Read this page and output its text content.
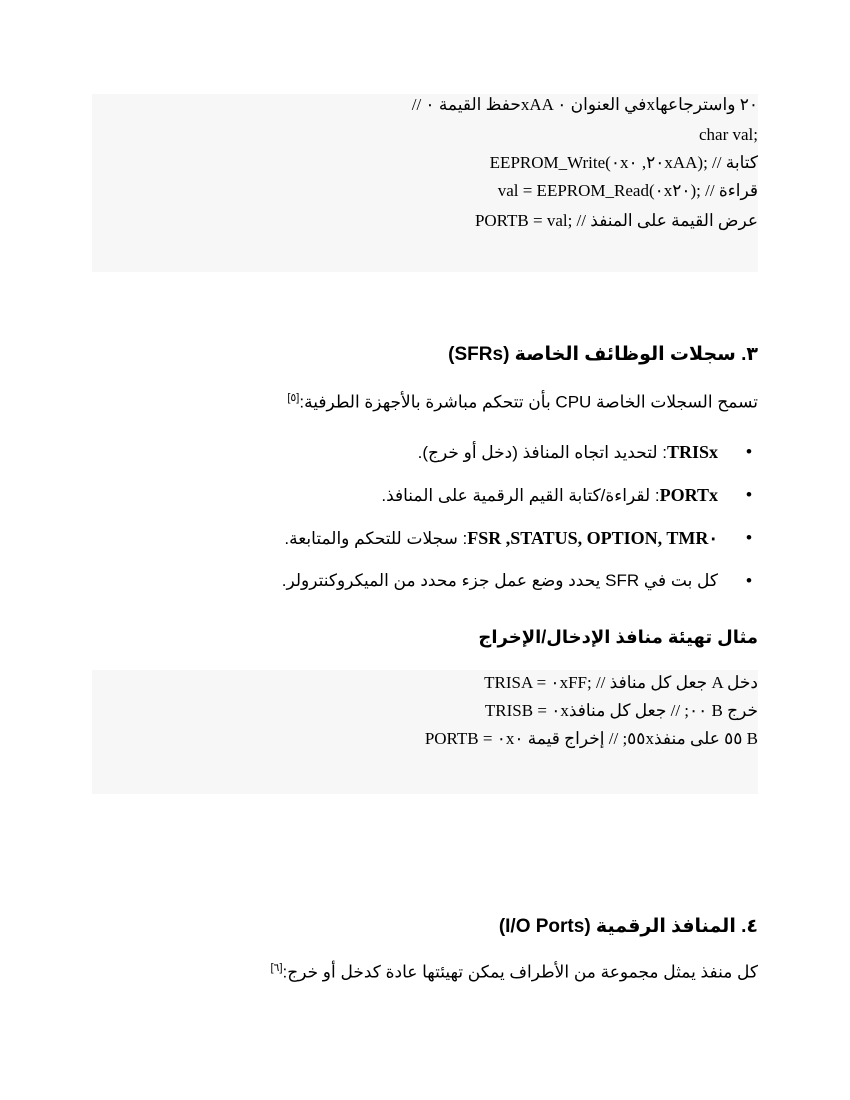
// حفظ القيمة ٠xAA في العنوان ٠x٢٠ واسترجاعها
char val;
EEPROM_Write(٠x٢٠, ٠xAA); // كتابة
val = EEPROM_Read(٠x٢٠); // قراءة
PORTB = val; // عرض القيمة على المنفذ
٣. سجلات الوظائف الخاصة (SFRs)
تسمح السجلات الخاصة CPU بأن تتحكم مباشرة بالأجهزة الطرفية:[٥]
•
TRISx: لتحديد اتجاه المنافذ (دخل أو خرج).
•
PORTx: لقراءة/كتابة القيم الرقمية على المنافذ.
•
STATUS, OPTION, TMR٠, FSR: سجلات للتحكم والمتابعة.
•
كل بت في SFR يحدد وضع عمل جزء محدد من الميكروكنترولر.
مثال تهيئة منافذ الإدخال/الإخراج
TRISA = ٠xFF; // جعل كل منافذ A دخل
TRISB = ٠x٠٠; // جعل كل منافذ B خرج
PORTB = ٠x٥٥; // إخراج قيمة ٠x٥٥ على منفذ B
٤. المنافذ الرقمية (I/O Ports)
كل منفذ يمثل مجموعة من الأطراف يمكن تهيئتها عادة كدخل أو خرج:[٦]
